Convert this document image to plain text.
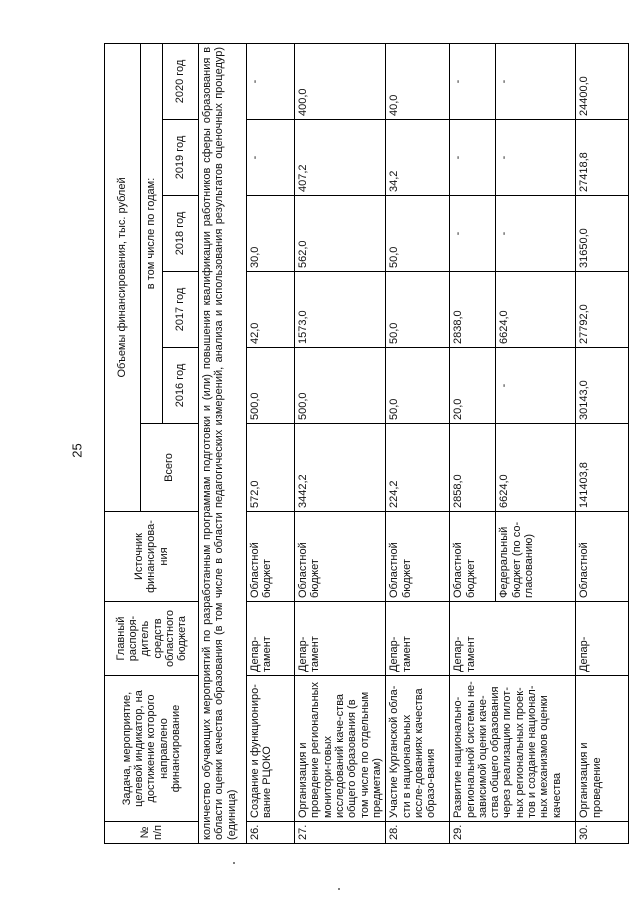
25
№ п/п	Задача, мероприятие, целевой индикатор, на достижение которого направлено финансирование	Главный распоря-дитель средств областного бюджета	Источник финансирова-ния	Объемы финансирования, тыс. рублей					
				Всего	в том числе по годам:				
					2016 год	2017 год	2018 год	2019 год	2020 год
количество обучающих мероприятий по разработанным программам подготовки и (или) повышения квалификации работников сферы образования в области оценки качества образования (в том числе в области педагогических измерений, анализа и использования результатов оценочных процедур) (единица)									
26.	Создание и функциониро-вание РЦОКО	Депар-тамент	Областной бюджет	572,0	500,0	42,0	30,0	-	-
27.	Организация и проведение региональных монитори-говых исследований каче-ства общего образования (в том числе по отдельным предметам)	Депар-тамент	Областной бюджет	3442,2	500,0	1573,0	562,0	407,2	400,0
28.	Участие Курганской обла-сти в национальных иссле-дованиях качества образо-вания	Депар-тамент	Областной бюджет	224,2	50,0	50,0	50,0	34,2	40,0
29.	Развитие национально-региональной системы не-зависимой оценки каче-ства общего образования через реализацию пилот-ных региональных проек-тов и создание национал-ных механизмов оценки качества	Депар-тамент	Областной бюджет	2858,0	20,0	2838,0	-	-	-
			Федеральный бюджет (по со-гласованию)	6624,0	-	6624,0	-	-	-
30.	Организация и проведение	Депар-	Областной	141403,8	30143,0	27792,0	31650,0	27418,8	24400,0
